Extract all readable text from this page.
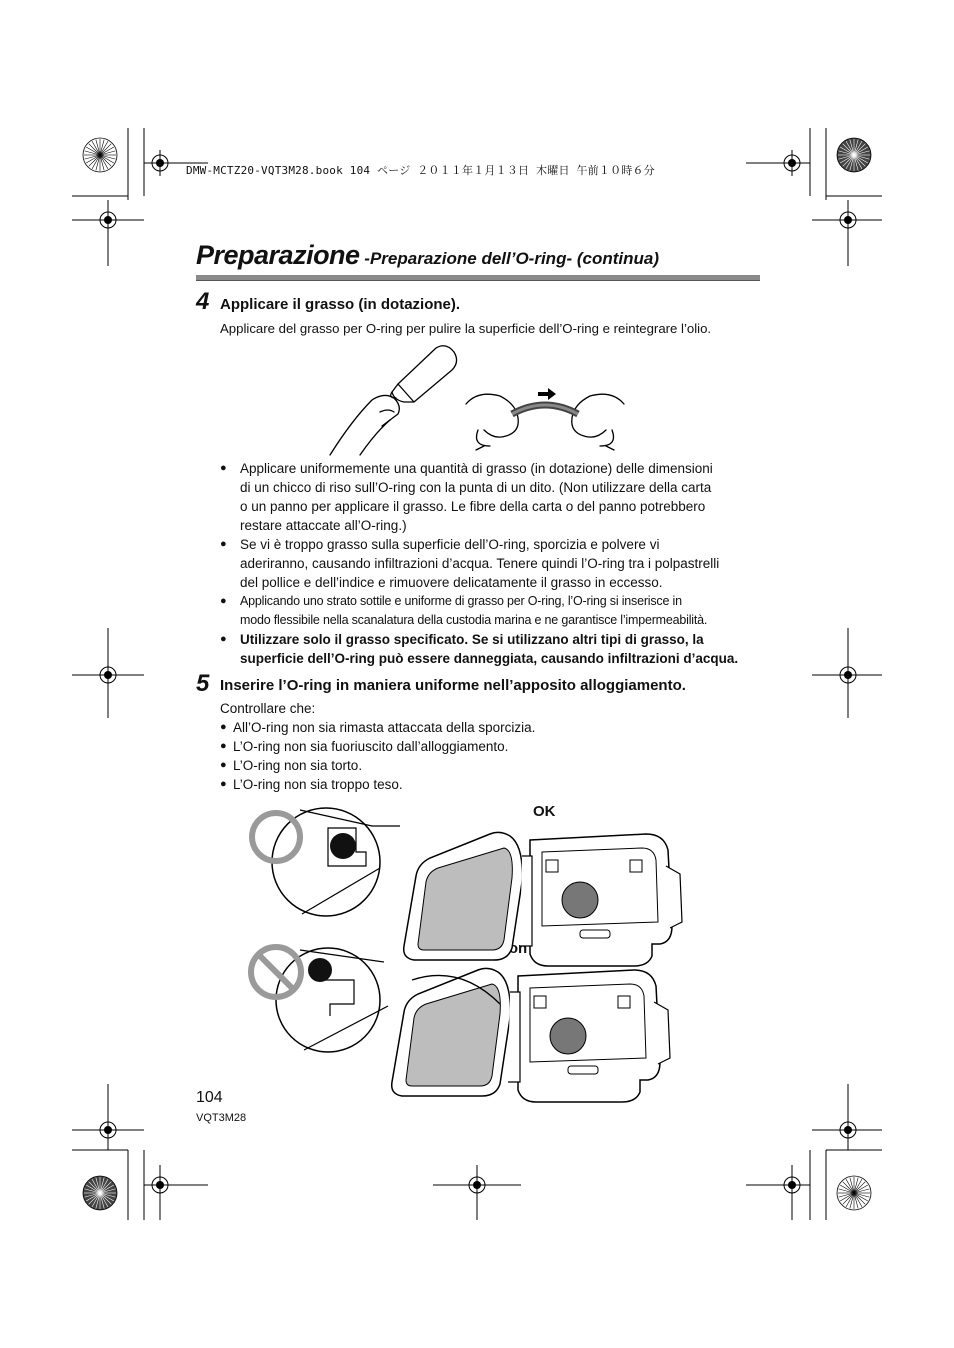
DMW-MCTZ20-VQT3M28.book 104 ページ ２０１１年１月１３日 木曜日 午前１０時６分
Preparazione -Preparazione dell’O-ring- (continua)
4 Applicare il grasso (in dotazione).
Applicare del grasso per O-ring per pulire la superficie dell’O-ring e reintegrare l’olio.
● Applicare uniformemente una quantità di grasso (in dotazione) delle dimensioni
di un chicco di riso sull’O-ring con la punta di un dito. (Non utilizzare della carta
o un panno per applicare il grasso. Le fibre della carta o del panno potrebbero
restare attaccate all’O-ring.)
● Se vi è troppo grasso sulla superficie dell’O-ring, sporcizia e polvere vi
aderiranno, causando infiltrazioni d’acqua. Tenere quindi l’O-ring tra i polpastrelli
del pollice e dell’indice e rimuovere delicatamente il grasso in eccesso.
● Applicando uno strato sottile e uniforme di grasso per O-ring, l’O-ring si inserisce in
modo flessibile nella scanalatura della custodia marina e ne garantisce l’impermeabilità.
● Utilizzare solo il grasso specificato. Se si utilizzano altri tipi di grasso, la
superficie dell’O-ring può essere danneggiata, causando infiltrazioni d’acqua.
5 Inserire l’O-ring in maniera uniforme nell’apposito alloggiamento.
Controllare che:
● All’O-ring non sia rimasta attaccata della sporcizia.
● L’O-ring non sia fuoriuscito dall’alloggiamento.
● L’O-ring non sia torto.
● L’O-ring non sia troppo teso.
OK
104
VQT3M28
